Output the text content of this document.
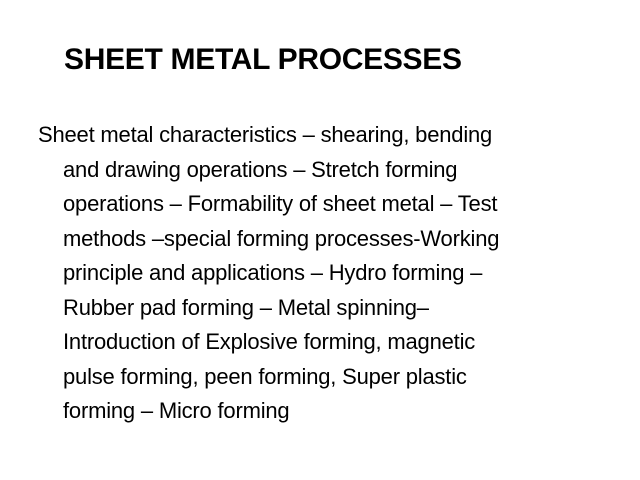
SHEET METAL PROCESSES
Sheet metal characteristics – shearing, bending
and drawing operations – Stretch forming
operations – Formability of sheet metal – Test
methods –special forming processes-Working
principle and applications – Hydro forming –
Rubber pad forming – Metal spinning–
Introduction of Explosive forming, magnetic
pulse forming, peen forming, Super plastic
forming – Micro forming
